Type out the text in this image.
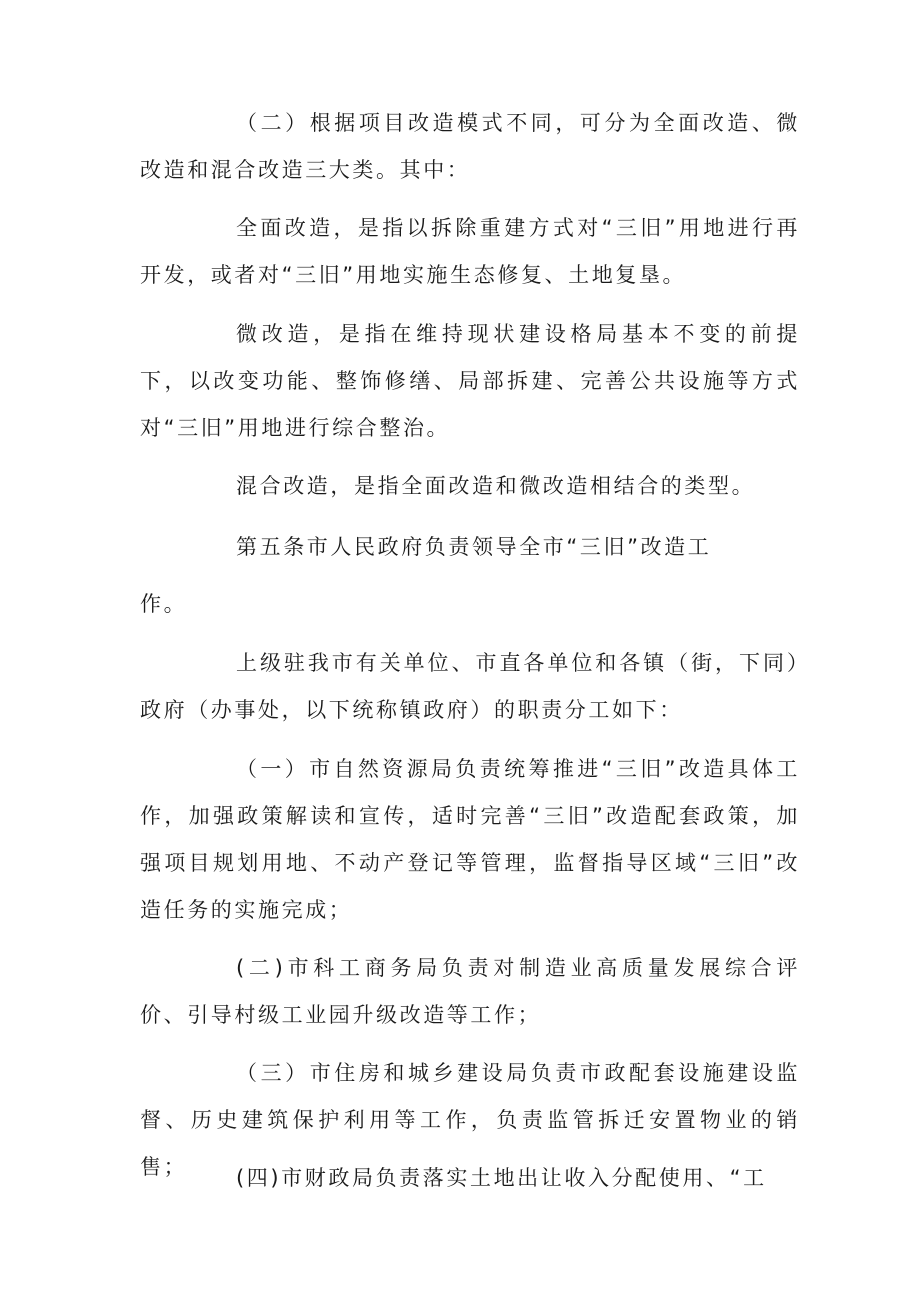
（二）根据项目改造模式不同，可分为全面改造、微改造和混合改造三大类。其中：

全面改造，是指以拆除重建方式对“三旧”用地进行再开发，或者对“三旧”用地实施生态修复、土地复垦。

微改造，是指在维持现状建设格局基本不变的前提下，以改变功能、整饰修缮、局部拆建、完善公共设施等方式对“三旧”用地进行综合整治。

混合改造，是指全面改造和微改造相结合的类型。

第五条市人民政府负责领导全市“三旧”改造工

作。

上级驻我市有关单位、市直各单位和各镇（街，下同）政府（办事处，以下统称镇政府）的职责分工如下：

（一）市自然资源局负责统筹推进“三旧”改造具体工作，加强政策解读和宣传，适时完善“三旧”改造配套政策，加强项目规划用地、不动产登记等管理，监督指导区域“三旧”改造任务的实施完成；

(二)市科工商务局负责对制造业高质量发展综合评价、引导村级工业园升级改造等工作；

（三）市住房和城乡建设局负责市政配套设施建设监督、历史建筑保护利用等工作，负责监管拆迁安置物业的销售；	(四)市财政局负责落实土地出让收入分配使用、“工
